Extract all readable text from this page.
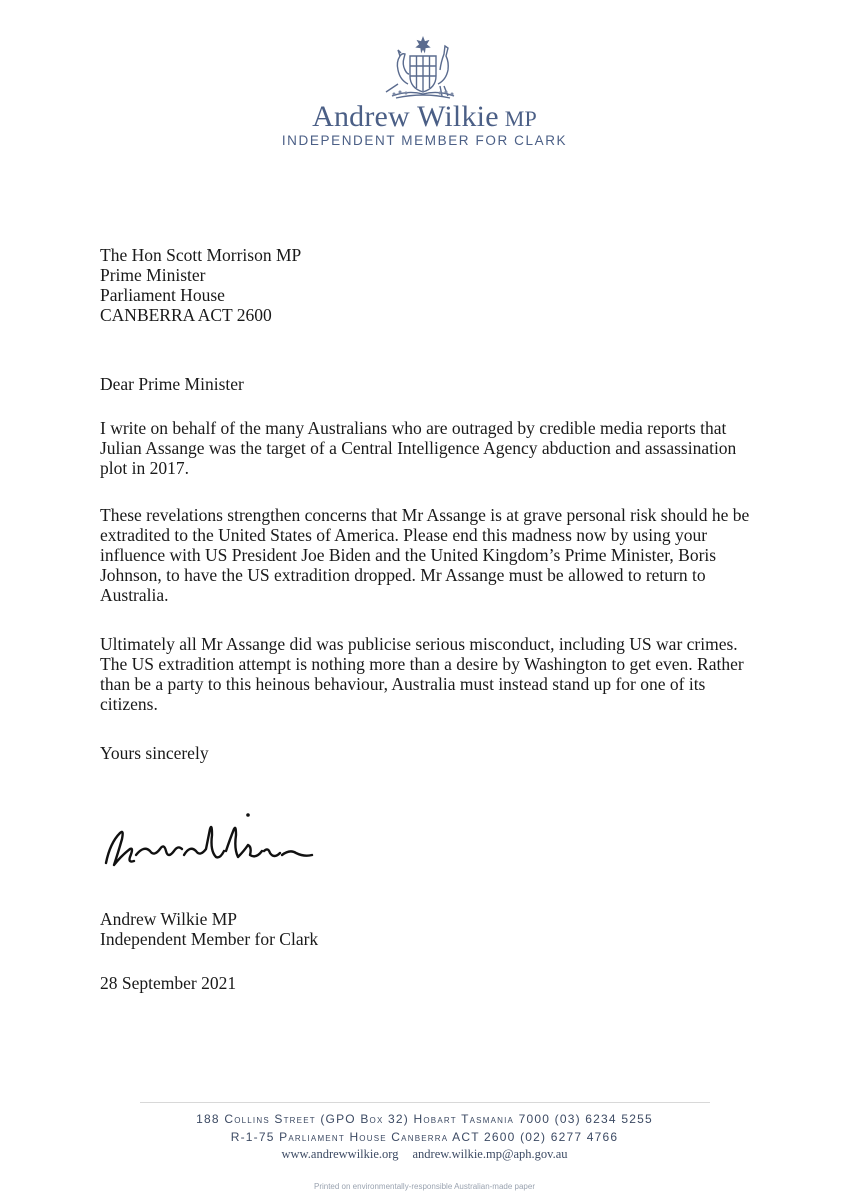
Andrew Wilkie MP
INDEPENDENT MEMBER FOR CLARK
The Hon Scott Morrison MP
Prime Minister
Parliament House
CANBERRA ACT 2600
Dear Prime Minister

I write on behalf of the many Australians who are outraged by credible media reports that Julian Assange was the target of a Central Intelligence Agency abduction and assassination plot in 2017.

These revelations strengthen concerns that Mr Assange is at grave personal risk should he be extradited to the United States of America. Please end this madness now by using your influence with US President Joe Biden and the United Kingdom’s Prime Minister, Boris Johnson, to have the US extradition dropped. Mr Assange must be allowed to return to Australia.

Ultimately all Mr Assange did was publicise serious misconduct, including US war crimes. The US extradition attempt is nothing more than a desire by Washington to get even. Rather than be a party to this heinous behaviour, Australia must instead stand up for one of its citizens.

Yours sincerely
Andrew Wilkie MP
Independent Member for Clark
28 September 2021
188 Collins Street (GPO Box 32) Hobart Tasmania 7000 (03) 6234 5255
R-1-75 Parliament House Canberra ACT 2600 (02) 6277 4766
www.andrewwilkie.org andrew.wilkie.mp@aph.gov.au
Printed on environmentally-responsible Australian-made paper
